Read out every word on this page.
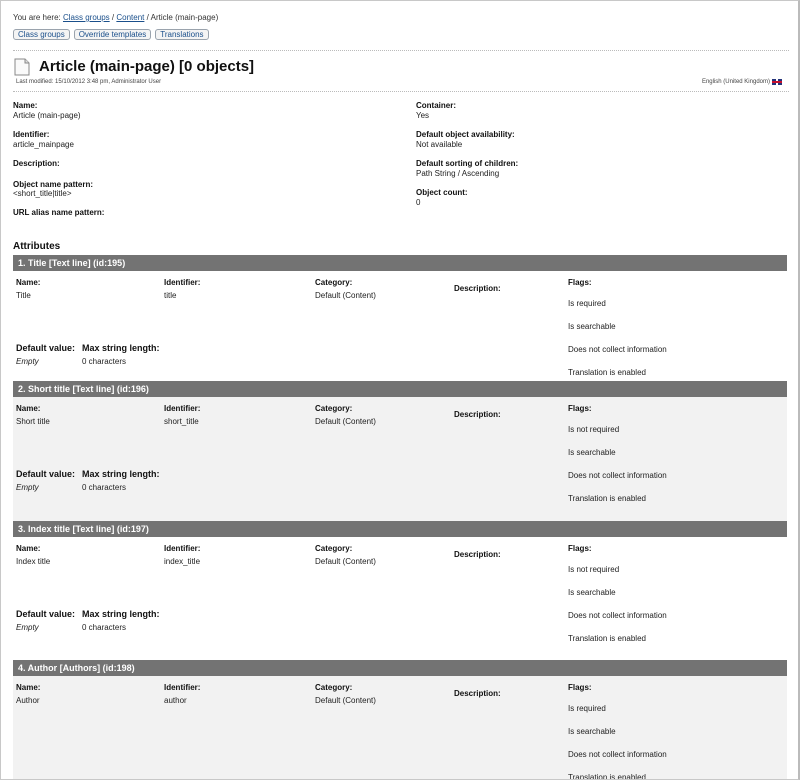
You are here: Class groups / Content / Article (main-page)
Class groups	Override templates	Translations
Article (main-page) [0 objects]
Last modified: 15/10/2012 3:48 pm, Administrator User	English (United Kingdom)
Name:
Article (main-page)
Identifier:
article_mainpage
Description:
Object name pattern:
<short_title|title>
URL alias name pattern:
Container:
Yes
Default object availability:
Not available
Default sorting of children:
Path String / Ascending
Object count:
0
Attributes
1. Title [Text line] (id:195)
Name:
Title
Identifier:
title
Category:
Default (Content)
Description:
Flags:
Is required
Is searchable
Does not collect information
Translation is enabled
Default value:
Empty
Max string length:
0 characters
2. Short title [Text line] (id:196)
Name:
Short title
Identifier:
short_title
Category:
Default (Content)
Description:
Flags:
Is not required
Is searchable
Does not collect information
Translation is enabled
Default value:
Empty
Max string length:
0 characters
3. Index title [Text line] (id:197)
Name:
Index title
Identifier:
index_title
Category:
Default (Content)
Description:
Flags:
Is not required
Is searchable
Does not collect information
Translation is enabled
Default value:
Empty
Max string length:
0 characters
4. Author [Authors] (id:198)
Name:
Author
Identifier:
author
Category:
Default (Content)
Description:
Flags:
Is required
Is searchable
Does not collect information
Translation is enabled
